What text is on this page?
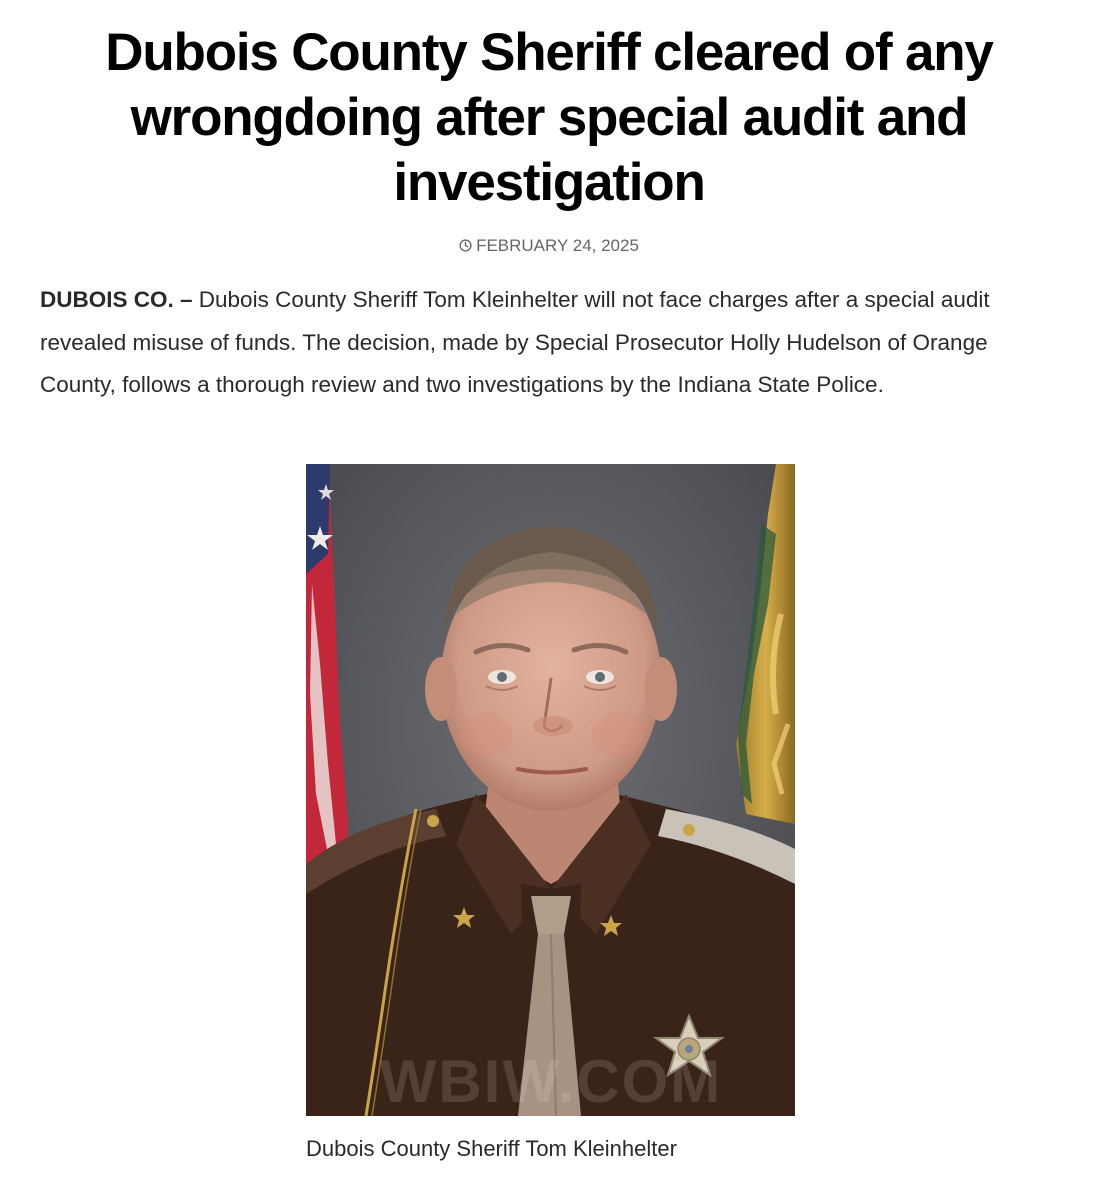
Dubois County Sheriff cleared of any wrongdoing after special audit and investigation
FEBRUARY 24, 2025

DUBOIS CO. – Dubois County Sheriff Tom Kleinhelter will not face charges after a special audit revealed misuse of funds. The decision, made by Special Prosecutor Holly Hudelson of Orange County, follows a thorough review and two investigations by the Indiana State Police.

WBIW.COM
Dubois County Sheriff Tom Kleinhelter
